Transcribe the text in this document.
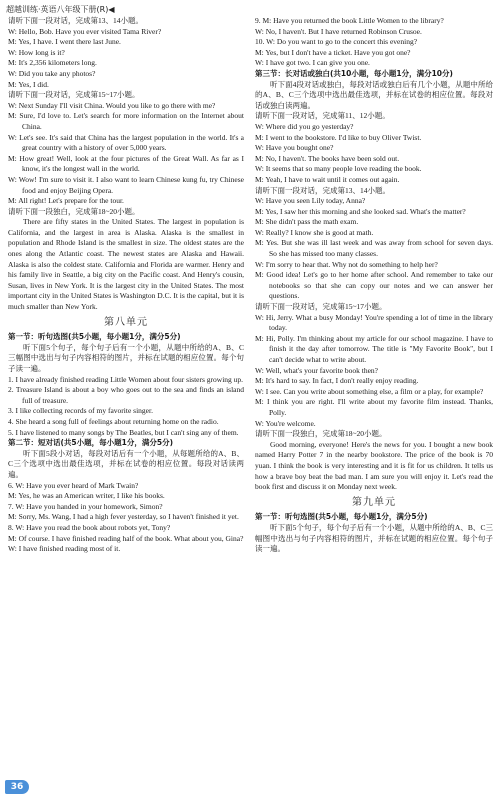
超越训练·英语八年级下册(R)◀

请听下面一段对话，完成第13、14小题。

W: Hello, Bob. Have you ever visited Tama River?

M: Yes, I have. I went there last June.

W: How long is it?

M: It's 2,356 kilometers long.

W: Did you take any photos?

M: Yes, I did.

请听下面一段对话，完成第15~17小题。

W: Next Sunday I'll visit China. Would you like to go there with me?

M: Sure, I'd love to. Let's search for more information on the Internet about China.

W: Let's see. It's said that China has the largest population in the world. It's a great country with a history of over 5,000 years.

M: How great! Well, look at the four pictures of the Great Wall. As far as I know, it's the longest wall in the world.

W: Wow! I'm sure to visit it. I also want to learn Chinese kung fu, try Chinese food and enjoy Beijing Opera.

M: All right! Let's prepare for the tour.

请听下面一段独白，完成第18~20小题。

There are fifty states in the United States. The largest in population is California, and the largest in area is Alaska. Alaska is the smallest in population and Rhode Island is the smallest in size. The oldest states are the ones along the Atlantic coast. The newest states are Alaska and Hawaii. Alaska is also the coldest state. California and Florida are warmer. Henry and his family live in Seattle, a big city on the Pacific coast. And Henry's cousin, Susan, lives in New York. It is the largest city in the United States. The most important city in the United States is Washington D.C. It is the capital, but it is much smaller than New York.

第八单元

第一节：听句选图(共5小题，每小题1分，满分5分)

听下面5个句子，每个句子后有一个小题，从题中所给的A、B、C三幅图中选出与句子内容相符的图片，并标在试题的相应位置。每个句子读一遍。

1. I have already finished reading Little Women about four sisters growing up.

2. Treasure Island is about a boy who goes out to the sea and finds an island full of treasure.

3. I like collecting records of my favorite singer.

4. She heard a song full of feelings about returning home on the radio.

5. I have listened to many songs by The Beatles, but I can't sing any of them.

第二节：短对话(共5小题，每小题1分，满分5分)

听下面5段小对话，每段对话后有一个小题，从每题所给的A、B、C三个选项中选出最佳选项，并标在试卷的相应位置。每段对话读两遍。

6. W: Have you ever heard of Mark Twain?

M: Yes, he was an American writer, I like his books.

7. W: Have you handed in your homework, Simon?

M: Sorry, Ms. Wang, I had a high fever yesterday, so I haven't finished it yet.

8. W: Have you read the book about robots yet, Tony?

M: Of course. I have finished reading half of the book. What about you, Gina?

W: I have finished reading most of it.

9. M: Have you returned the book Little Women to the library?

W: No, I haven't. But I have returned Robinson Crusoe.

10. W: Do you want to go to the concert this evening?

M: Yes, but I don't have a ticket. Have you got one?

W: I have got two. I can give you one.

第三节：长对话或独白(共10小题，每小题1分，满分10分)

听下面4段对话或独白，每段对话或独白后有几个小题，从题中所给的A、B、C三个选项中选出最佳选项，并标在试卷的相应位置。每段对话或独白读两遍。

请听下面一段对话，完成第11、12小题。

W: Where did you go yesterday?

M: I went to the bookstore. I'd like to buy Oliver Twist.

W: Have you bought one?

M: No, I haven't. The books have been sold out.

W: It seems that so many people love reading the book.

M: Yeah, I have to wait until it comes out again.

请听下面一段对话，完成第13、14小题。

W: Have you seen Lily today, Anna?

M: Yes, I saw her this morning and she looked sad. What's the matter?

M: She didn't pass the math exam.

W: Really? I know she is good at math.

M: Yes. But she was ill last week and was away from school for seven days. So she has missed too many classes.

W: I'm sorry to hear that. Why not do something to help her?

M: Good idea! Let's go to her home after school. And remember to take our notebooks so that she can copy our notes and we can answer her questions.

请听下面一段对话，完成第15~17小题。

W: Hi, Jerry. What a busy Monday! You're spending a lot of time in the library today.

M: Hi, Polly. I'm thinking about my article for our school magazine. I have to finish it the day after tomorrow. The title is "My Favorite Book", but I can't decide what to write about.

W: Well, what's your favorite book then?

M: It's hard to say. In fact, I don't really enjoy reading.

W: I see. Can you write about something else, a film or a play, for example?

M: I think you are right. I'll write about my favorite film instead. Thanks, Polly.

W: You're welcome.

请听下面一段独白，完成第18~20小题。

Good morning, everyone! Here's the news for you. I bought a new book named Harry Potter 7 in the nearby bookstore. The price of the book is 70 yuan. I think the book is very interesting and it is fit for us children. It tells us how a brave boy beat the bad man. I am sure you will enjoy it. Let's read the book first and discuss it on Monday next week.

第九单元

第一节：听句选图(共5小题，每小题1分，满分5分)

听下面5个句子，每个句子后有一个小题，从题中所给的A、B、C三幅图中选出与句子内容相符的图片，并标在试题的相应位置。每个句子读一遍。

36
